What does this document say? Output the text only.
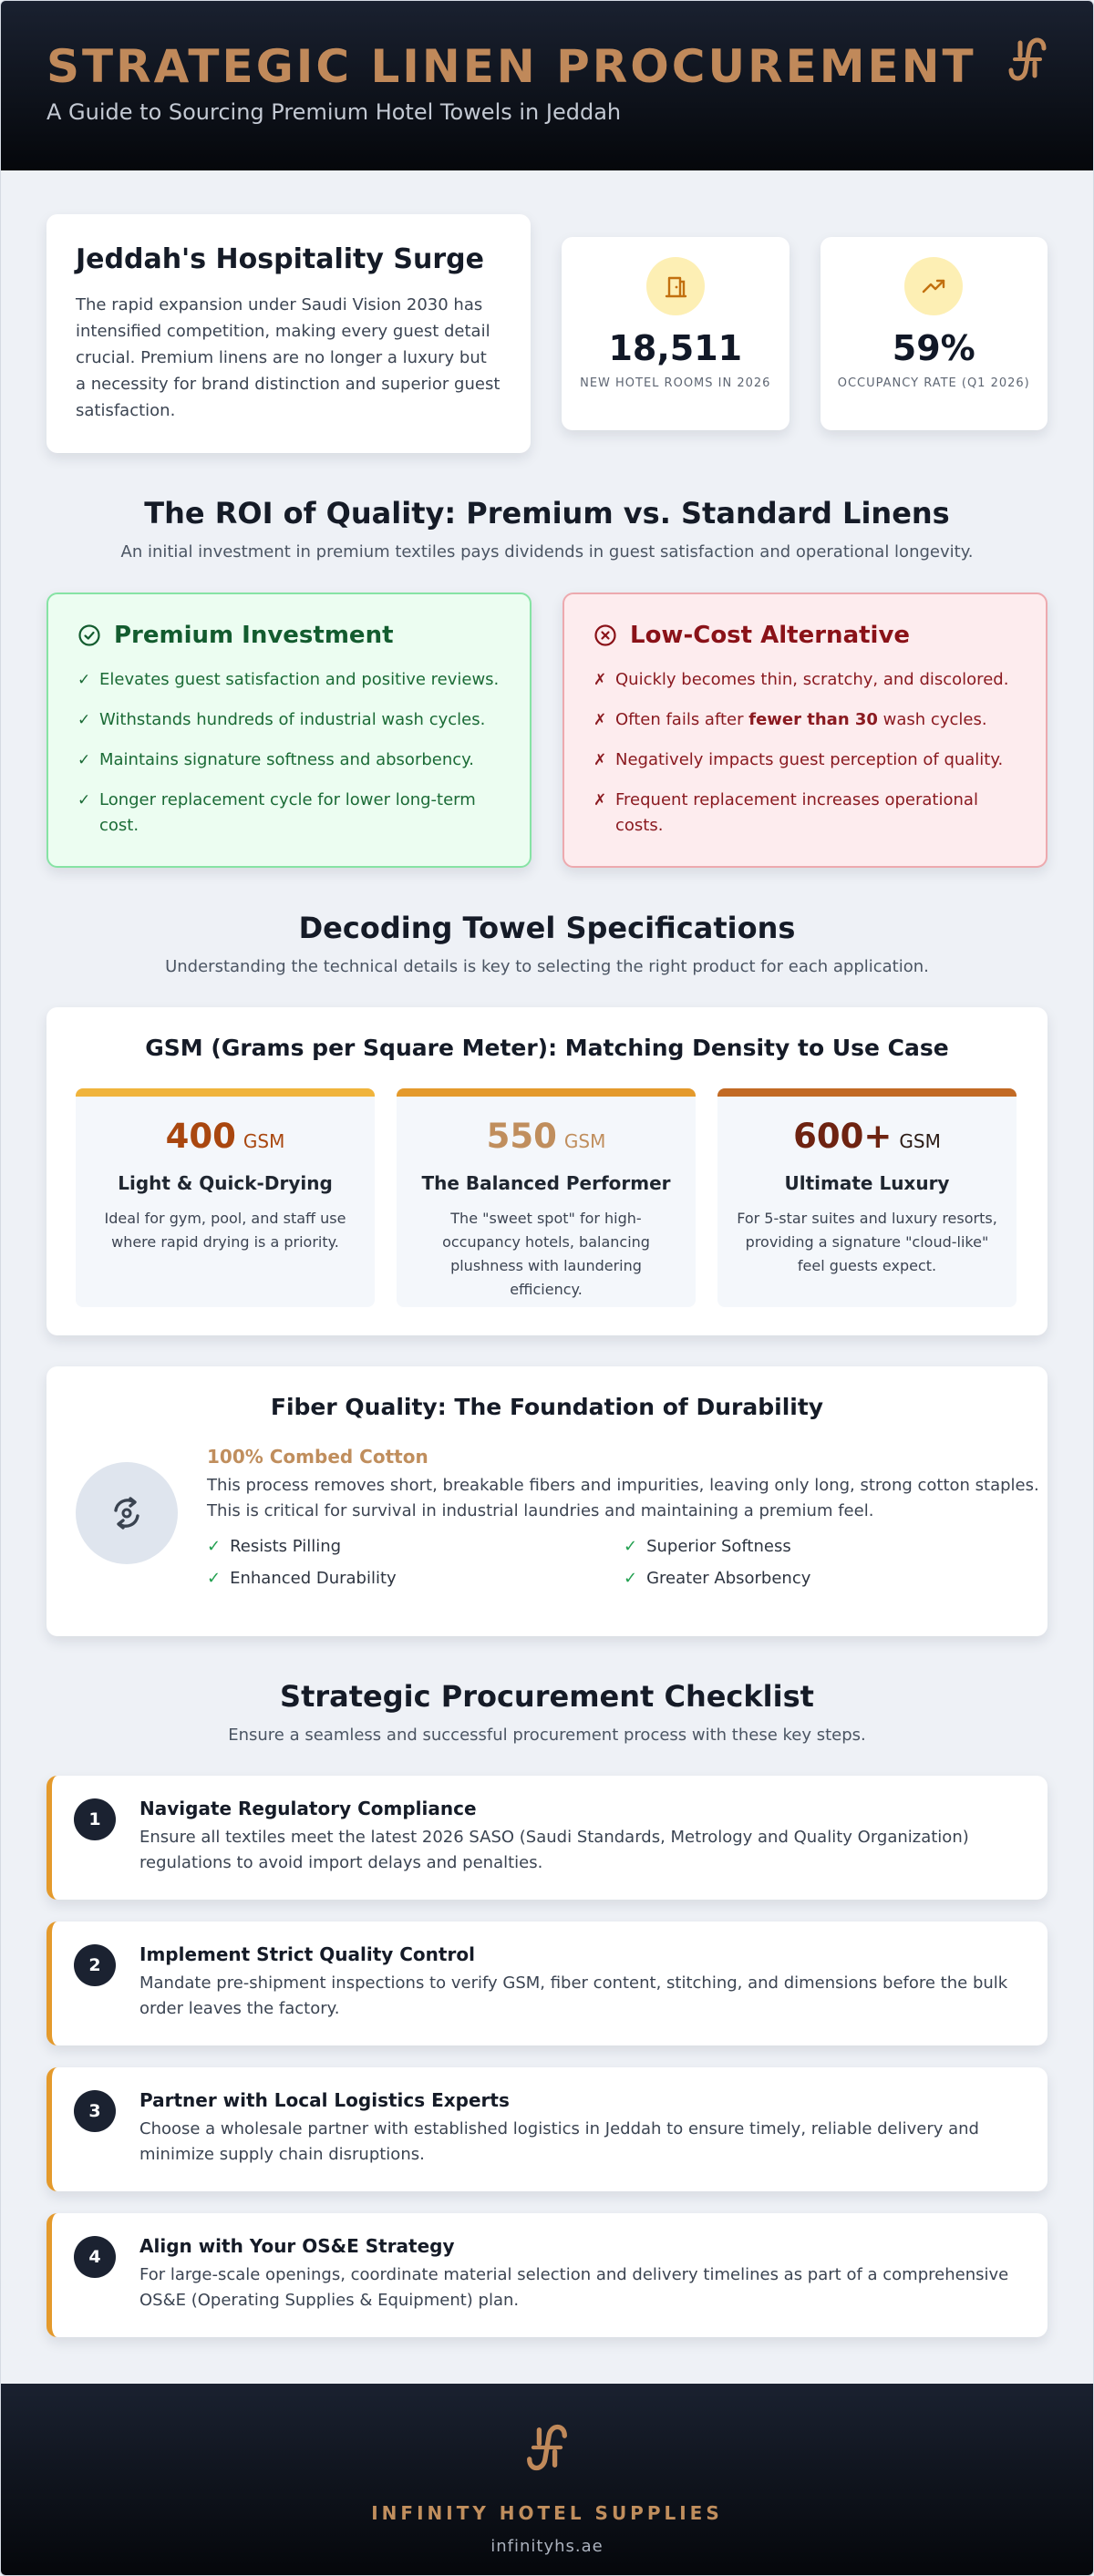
STRATEGIC LINEN PROCUREMENT
A Guide to Sourcing Premium Hotel Towels in Jeddah
Jeddah's Hospitality Surge

The rapid expansion under Saudi Vision 2030 has intensified competition, making every guest detail crucial. Premium linens are no longer a luxury but a necessity for brand distinction and superior guest satisfaction.

18,511
NEW HOTEL ROOMS IN 2026
59%
OCCUPANCY RATE (Q1 2026)
The ROI of Quality: Premium vs. Standard Linens

An initial investment in premium textiles pays dividends in guest satisfaction and operational longevity.

Premium Investment
✓ Elevates guest satisfaction and positive reviews.
✓ Withstands hundreds of industrial wash cycles.
✓ Maintains signature softness and absorbency.
✓ Longer replacement cycle for lower long-term cost.
Low-Cost Alternative
✗ Quickly becomes thin, scratchy, and discolored.
✗ Often fails after fewer than 30 wash cycles.
✗ Negatively impacts guest perception of quality.
✗ Frequent replacement increases operational costs.
Decoding Towel Specifications

Understanding the technical details is key to selecting the right product for each application.

GSM (Grams per Square Meter): Matching Density to Use Case
400 GSM
Light & Quick-Drying
Ideal for gym, pool, and staff use where rapid drying is a priority.
550 GSM
The Balanced Performer
The "sweet spot" for high-occupancy hotels, balancing plushness with laundering efficiency.
600+ GSM
Ultimate Luxury
For 5-star suites and luxury resorts, providing a signature "cloud-like" feel guests expect.
Fiber Quality: The Foundation of Durability
100% Combed Cotton

This process removes short, breakable fibers and impurities, leaving only long, strong cotton staples. This is critical for survival in industrial laundries and maintaining a premium feel.

✓ Resists Pilling	✓ Superior Softness
✓ Enhanced Durability	✓ Greater Absorbency
Strategic Procurement Checklist

Ensure a seamless and successful procurement process with these key steps.

1	Navigate Regulatory Compliance

Ensure all textiles meet the latest 2026 SASO (Saudi Standards, Metrology and Quality Organization) regulations to avoid import delays and penalties.

2	Implement Strict Quality Control

Mandate pre-shipment inspections to verify GSM, fiber content, stitching, and dimensions before the bulk order leaves the factory.

3	Partner with Local Logistics Experts

Choose a wholesale partner with established logistics in Jeddah to ensure timely, reliable delivery and minimize supply chain disruptions.

4	Align with Your OS&E Strategy

For large-scale openings, coordinate material selection and delivery timelines as part of a comprehensive OS&E (Operating Supplies & Equipment) plan.

INFINITY HOTEL SUPPLIES
infinityhs.ae
